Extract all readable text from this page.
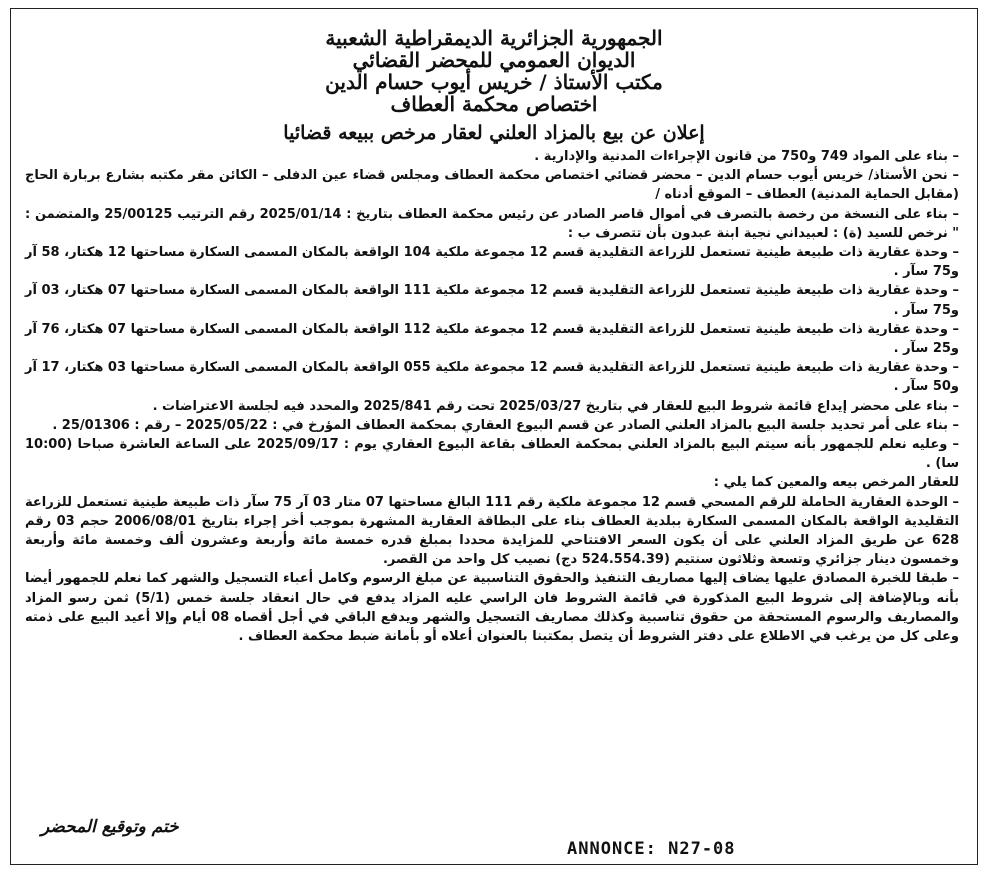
الجمهورية الجزائرية الديمقراطية الشعبية
الديوان العمومي للمحضر القضائي
مكتب الأستاذ / خريس أيوب حسام الدين
اختصاص محكمة العطاف
إعلان عن بيع بالمزاد العلني لعقار مرخص ببيعه قضائيا

– بناء على المواد 749 و750 من قانون الإجراءات المدنية والإدارية .

– نحن الأستاذ/ خريس أيوب حسام الدين – محضر قضائي اختصاص محكمة العطاف ومجلس قضاء عين الدفلى – الكائن مقر مكتبه بشارع بربارة الحاج (مقابل الحماية المدنية) العطاف – الموقع أدناه /

– بناء على النسخة من رخصة بالتصرف في أموال قاصر الصادر عن رئيس محكمة العطاف بتاريخ : 2025/01/14 رقم الترتيب 25/00125 والمتضمن : " نرخص للسيد (ة) : لعبيداني نجية ابنة عبدون بأن تتصرف ب :

– وحدة عقارية ذات طبيعة طينية تستعمل للزراعة التقليدية قسم 12 مجموعة ملكية 104 الواقعة بالمكان المسمى السكارة مساحتها 12 هكتار، 58 آر و75 سآر .

– وحدة عقارية ذات طبيعة طينية تستعمل للزراعة التقليدية قسم 12 مجموعة ملكية 111 الواقعة بالمكان المسمى السكارة مساحتها 07 هكتار، 03 آر و75 سآر .

– وحدة عقارية ذات طبيعة طينية تستعمل للزراعة التقليدية قسم 12 مجموعة ملكية 112 الواقعة بالمكان المسمى السكارة مساحتها 07 هكتار، 76 آر و25 سآر .

– وحدة عقارية ذات طبيعة طينية تستعمل للزراعة التقليدية قسم 12 مجموعة ملكية 055 الواقعة بالمكان المسمى السكارة مساحتها 03 هكتار، 17 آر و50 سآر .

– بناء على محضر إيداع قائمة شروط البيع للعقار في بتاريخ 2025/03/27 تحت رقم 2025/841 والمحدد فيه لجلسة الاعتراضات .

– بناء على أمر تحديد جلسة البيع بالمزاد العلني الصادر عن قسم البيوع العقاري بمحكمة العطاف المؤرخ في : 2025/05/22 – رقم : 25/01306 .

– وعليه نعلم للجمهور بأنه سيتم البيع بالمزاد العلني بمحكمة العطاف بقاعة البيوع العقاري يوم : 2025/09/17 على الساعة العاشرة صباحا (10:00 سا) .

للعقار المرخص بيعه والمعين كما يلي :

– الوحدة العقارية الحاملة للرقم المسحي قسم 12 مجموعة ملكية رقم 111 البالغ مساحتها 07 متار 03 آر 75 سآر ذات طبيعة طينية تستعمل للزراعة التقليدية الواقعة بالمكان المسمى السكارة ببلدية العطاف بناء على البطاقة العقارية المشهرة بموجب أخر إجراء بتاريخ 2006/08/01 حجم 03 رقم 628 عن طريق المزاد العلني على أن يكون السعر الافتتاحي للمزايدة محددا بمبلغ قدره خمسة مائة وأربعة وعشرون ألف وخمسة مائة وأربعة وخمسون دينار جزائري وتسعة وثلاثون سنتيم (524.554.39 دج) نصيب كل واحد من القصر.

– طبقا للخبرة المصادق عليها يضاف إليها مصاريف التنفيذ والحقوق التناسبية عن مبلغ الرسوم وكامل أعباء التسجيل والشهر كما نعلم للجمهور أيضا بأنه وبالإضافة إلى شروط البيع المذكورة في قائمة الشروط فان الراسي عليه المزاد يدفع في حال انعقاد جلسة خمس (5/1) ثمن رسو المزاد والمصاريف والرسوم المستحقة من حقوق تناسبية وكذلك مصاريف التسجيل والشهر ويدفع الباقي في أجل أقصاه 08 أيام وإلا أعيد البيع على ذمته وعلى كل من يرغب في الاطلاع على دفتر الشروط أن يتصل بمكتبنا بالعنوان أعلاه أو بأمانة ضبط محكمة العطاف .

ختم وتوقيع المحضر
ANNONCE: N27-08
